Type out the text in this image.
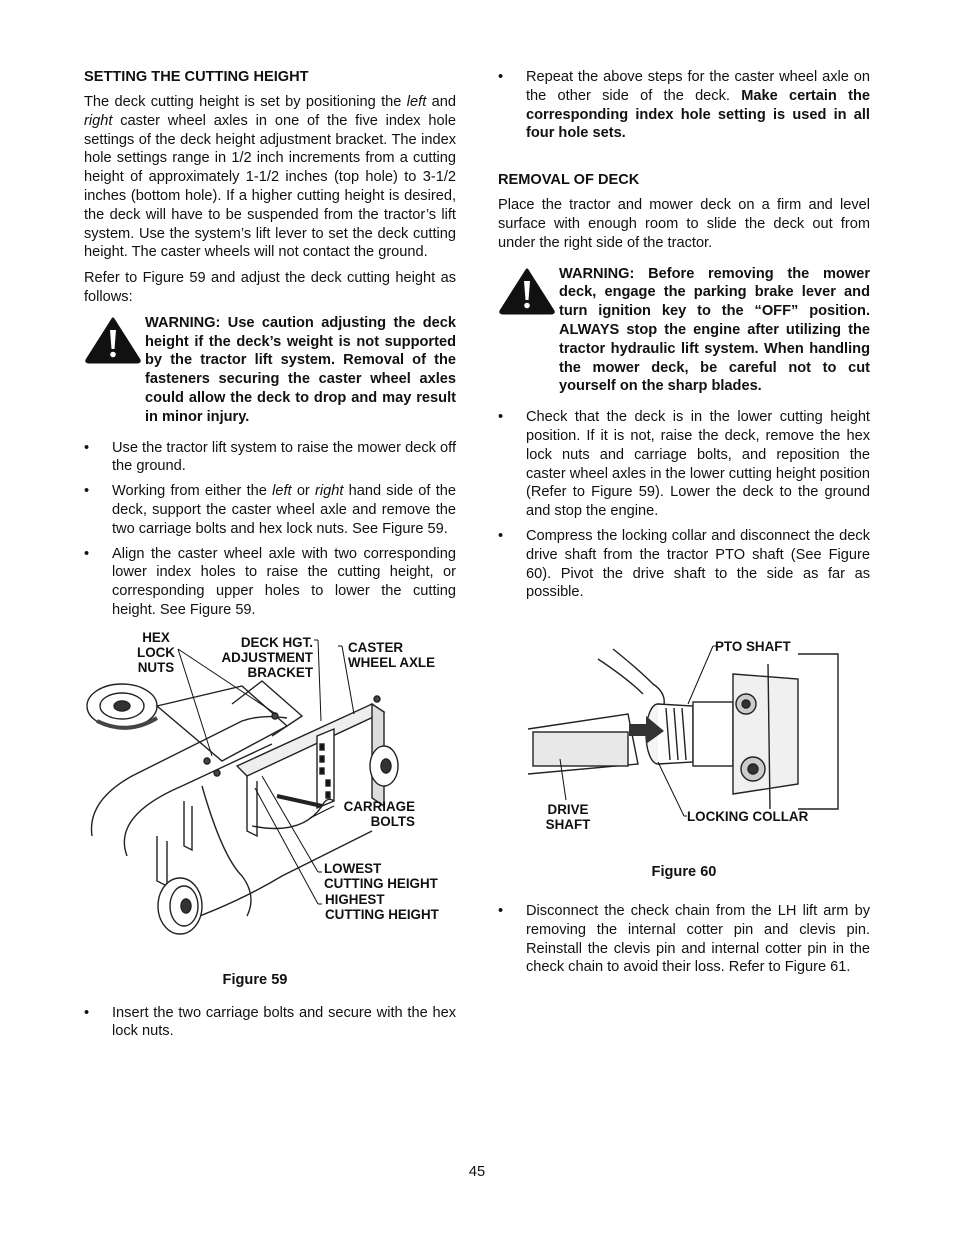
SETTING THE CUTTING HEIGHT

The deck cutting height is set by positioning the left and right caster wheel axles in one of the five index hole settings of the deck height adjustment bracket. The index hole settings range in 1/2 inch increments from a cutting height of approximately 1-1/2 inches (top hole) to 3-1/2 inches (bottom hole). If a higher cutting height is desired, the deck will have to be suspended from the tractor’s lift system. Use the system’s lift lever to set the deck cutting height. The caster wheels will not contact the ground.

Refer to Figure 59 and adjust the deck cutting height as follows:

WARNING: Use caution adjusting the deck height if the deck’s weight is not supported by the tractor lift system. Removal of the fasteners securing the caster wheel axles could allow the deck to drop and may result in minor injury.
• Use the tractor lift system to raise the mower deck off the ground.
• Working from either the left or right hand side of the deck, support the caster wheel axle and remove the two carriage bolts and hex lock nuts. See Figure 59.
• Align the caster wheel axle with two corresponding lower index holes to raise the cutting height, or corresponding upper holes to lower the cutting height. See Figure 59.
HEX
LOCK
NUTS
DECK HGT.
ADJUSTMENT
BRACKET
CASTER
WHEEL AXLE
CARRIAGE
BOLTS
LOWEST
CUTTING HEIGHT
HIGHEST
CUTTING HEIGHT
Figure 59
• Insert the two carriage bolts and secure with the hex lock nuts.
• Repeat the above steps for the caster wheel axle on the other side of the deck. Make certain the corresponding index hole setting is used in all four hole sets.
REMOVAL OF DECK

Place the tractor and mower deck on a firm and level surface with enough room to slide the deck out from under the right side of the tractor.

WARNING: Before removing the mower deck, engage the parking brake lever and turn ignition key to the “OFF” position. ALWAYS stop the engine after utilizing the tractor hydraulic lift system. When handling the mower deck, be careful not to cut yourself on the sharp blades.
• Check that the deck is in the lower cutting height position. If it is not, raise the deck, remove the hex lock nuts and carriage bolts, and reposition the caster wheel axles in the lower cutting height position (Refer to Figure 59). Lower the deck to the ground and stop the engine.
• Compress the locking collar and disconnect the deck drive shaft from the tractor PTO shaft (See Figure 60). Pivot the drive shaft to the side as far as possible.
PTO SHAFT
DRIVE
SHAFT
LOCKING COLLAR
Figure 60
• Disconnect the check chain from the LH lift arm by removing the internal cotter pin and clevis pin. Reinstall the clevis pin and internal cotter pin in the check chain to avoid their loss. Refer to Figure 61.
45
